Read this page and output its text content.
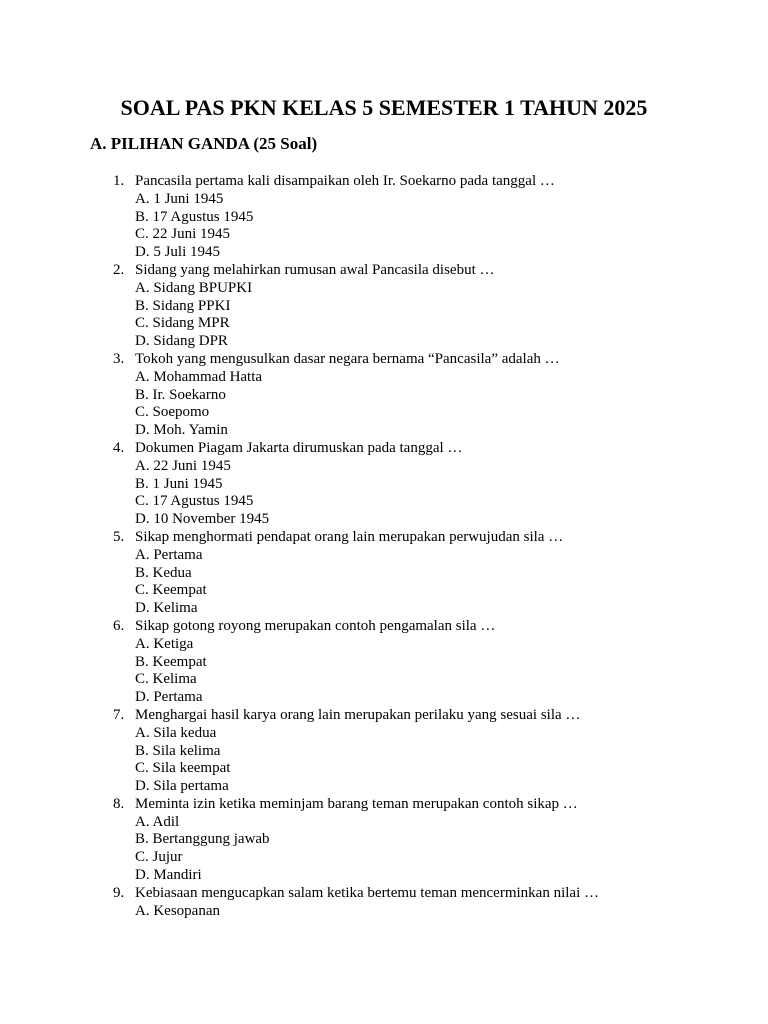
SOAL PAS PKN KELAS 5 SEMESTER 1 TAHUN 2025
A. PILIHAN GANDA (25 Soal)
1. Pancasila pertama kali disampaikan oleh Ir. Soekarno pada tanggal …
A. 1 Juni 1945
B. 17 Agustus 1945
C. 22 Juni 1945
D. 5 Juli 1945
2. Sidang yang melahirkan rumusan awal Pancasila disebut …
A. Sidang BPUPKI
B. Sidang PPKI
C. Sidang MPR
D. Sidang DPR
3. Tokoh yang mengusulkan dasar negara bernama “Pancasila” adalah …
A. Mohammad Hatta
B. Ir. Soekarno
C. Soepomo
D. Moh. Yamin
4. Dokumen Piagam Jakarta dirumuskan pada tanggal …
A. 22 Juni 1945
B. 1 Juni 1945
C. 17 Agustus 1945
D. 10 November 1945
5. Sikap menghormati pendapat orang lain merupakan perwujudan sila …
A. Pertama
B. Kedua
C. Keempat
D. Kelima
6. Sikap gotong royong merupakan contoh pengamalan sila …
A. Ketiga
B. Keempat
C. Kelima
D. Pertama
7. Menghargai hasil karya orang lain merupakan perilaku yang sesuai sila …
A. Sila kedua
B. Sila kelima
C. Sila keempat
D. Sila pertama
8. Meminta izin ketika meminjam barang teman merupakan contoh sikap …
A. Adil
B. Bertanggung jawab
C. Jujur
D. Mandiri
9. Kebiasaan mengucapkan salam ketika bertemu teman mencerminkan nilai …
A. Kesopanan
